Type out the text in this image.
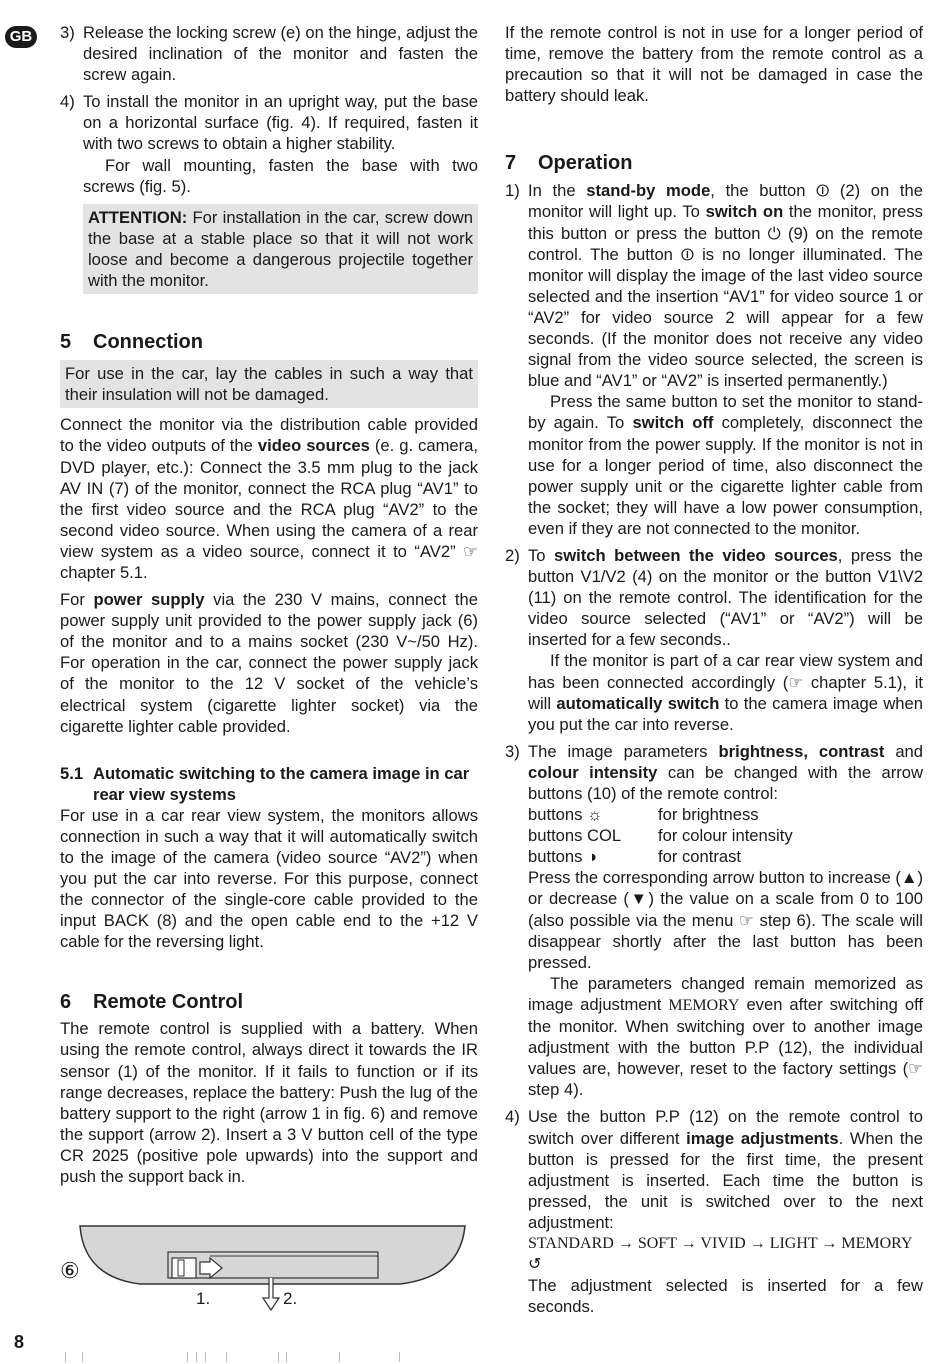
GB 3) Release the locking screw (e) on the hinge, adjust the desired inclination of the monitor and fasten the screw again.

4) To install the monitor in an upright way, put the base on a horizontal surface (fig. 4). If required, fasten it with two screws to obtain a higher stability.

For wall mounting, fasten the base with two screws (fig. 5).

ATTENTION: For installation in the car, screw down the base at a stable place so that it will not work loose and become a dangerous projectile together with the monitor.
5 Connection
For use in the car, lay the cables in such a way that their insulation will not be damaged.

Connect the monitor via the distribution cable provided to the video outputs of the video sources (e. g. camera, DVD player, etc.): Connect the 3.5 mm plug to the jack AV IN (7) of the monitor, connect the RCA plug “AV1” to the first video source and the RCA plug “AV2” to the second video source. When using the camera of a rear view system as a video source, connect it to “AV2” ☞ chapter 5.1.

For power supply via the 230 V mains, connect the power supply unit provided to the power supply jack (6) of the monitor and to a mains socket (230 V~/50 Hz). For operation in the car, connect the power supply jack of the monitor to the 12 V socket of the vehicle’s electrical system (cigarette lighter socket) via the cigarette lighter cable provided.

5.1 Automatic switching to the camera image in car rear view systems

For use in a car rear view system, the monitors allows connection in such a way that it will automatically switch to the image of the camera (video source “AV2”) when you put the car into reverse. For this purpose, connect the connector of the single-core cable provided to the input BACK (8) and the open cable end to the +12 V cable for the reversing light.

6 Remote Control

The remote control is supplied with a battery. When using the remote control, always direct it towards the IR sensor (1) of the monitor. If it fails to function or if its range decreases, replace the battery: Push the lug of the battery support to the right (arrow 1 in fig. 6) and remove the support (arrow 2). Insert a 3 V button cell of the type CR 2025 (positive pole upwards) into the support and push the support back in.

⑥
1.	2.

If the remote control is not in use for a longer period of time, remove the battery from the remote control as a precaution so that it will not be damaged in case the battery should leak.

7 Operation
1) In the stand-by mode, the button ⏼ (2) on the monitor will light up. To switch on the monitor, press this button or press the button ⏻ (9) on the remote control. The button ⏼ is no longer illuminated. The monitor will display the image of the last video source selected and the insertion “AV1” for video source 1 or “AV2” for video source 2 will appear for a few seconds. (If the monitor does not receive any video signal from the video source selected, the screen is blue and “AV1” or “AV2” is inserted permanently.)

Press the same button to set the monitor to stand-by again. To switch off completely, disconnect the monitor from the power supply. If the monitor is not in use for a longer period of time, also disconnect the power supply unit or the cigarette lighter cable from the socket; they will have a low power consumption, even if they are not connected to the monitor.

2) To switch between the video sources, press the button V1/V2 (4) on the monitor or the button V1\V2 (11) on the remote control. The identification for the video source selected (“AV1” or “AV2”) will be inserted for a few seconds..

If the monitor is part of a car rear view system and has been connected accordingly (☞ chapter 5.1), it will automatically switch to the camera image when you put the car into reverse.

3) The image parameters brightness, contrast and colour intensity can be changed with the arrow buttons (10) of the remote control:

buttons ☼	for brightness
buttons COL	for colour intensity
buttons ◑	for contrast

Press the corresponding arrow button to increase (▲) or decrease (▼) the value on a scale from 0 to 100 (also possible via the menu ☞ step 6). The scale will disappear shortly after the last button has been pressed.

The parameters changed remain memorized as image adjustment MEMORY even after switching off the monitor. When switching over to another image adjustment with the button P.P (12), the individual values are, however, reset to the factory settings (☞ step 4).

4) Use the button P.P (12) on the remote control to switch over different image adjustments. When the button is pressed for the first time, the present adjustment is inserted. Each time the button is pressed, the unit is switched over to the next adjustment:

STANDARD → SOFT → VIVID → LIGHT → MEMORY ↺

The adjustment selected is inserted for a few seconds.

8
